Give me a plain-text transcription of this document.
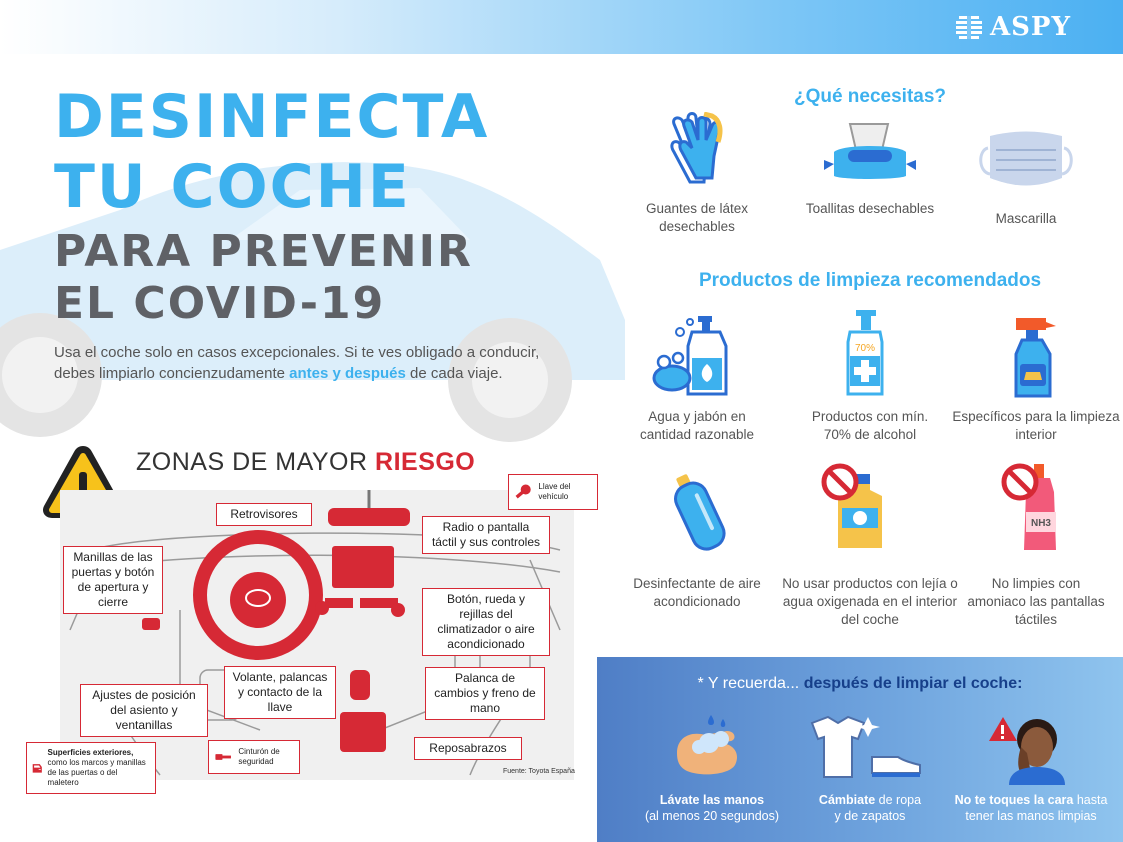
ASPY
DESINFECTA
TU COCHE
PARA PREVENIR
EL COVID-19
Usa el coche solo en casos excepcionales. Si te ves obligado a conducir, debes limpiarlo concienzudamente antes y después de cada viaje.
ZONAS DE MAYOR RIESGO
Retrovisores
Radio o pantalla táctil y sus controles
Manillas de las puertas y botón de apertura y cierre	Botón, rueda y rejillas del climatizador o aire acondicionado
Volante, palancas y contacto de la llave
Palanca de cambios y freno de mano
Ajustes de posición del asiento y ventanillas
Reposabrazos
Llave del vehículo
Cinturón de seguridad
Superficies exteriores, como los marcos y manillas de las puertas o del maletero
Fuente: Toyota España
¿Qué necesitas?
Guantes de látex desechables
Toallitas desechables
Mascarilla
Productos de limpieza recomendados
70%
Agua y jabón en cantidad razonable
Productos con mín. 70% de alcohol
Específicos para la limpieza interior
NH3
Desinfectante de aire acondicionado
No usar productos con lejía o agua oxigenada en el interior del coche
No limpies con amoniaco las pantallas táctiles
* Y recuerda... después de limpiar el coche:
Lávate las manos
(al menos 20 segundos)
Cámbiate de ropa
y de zapatos
No te toques la cara hasta
tener las manos limpias
